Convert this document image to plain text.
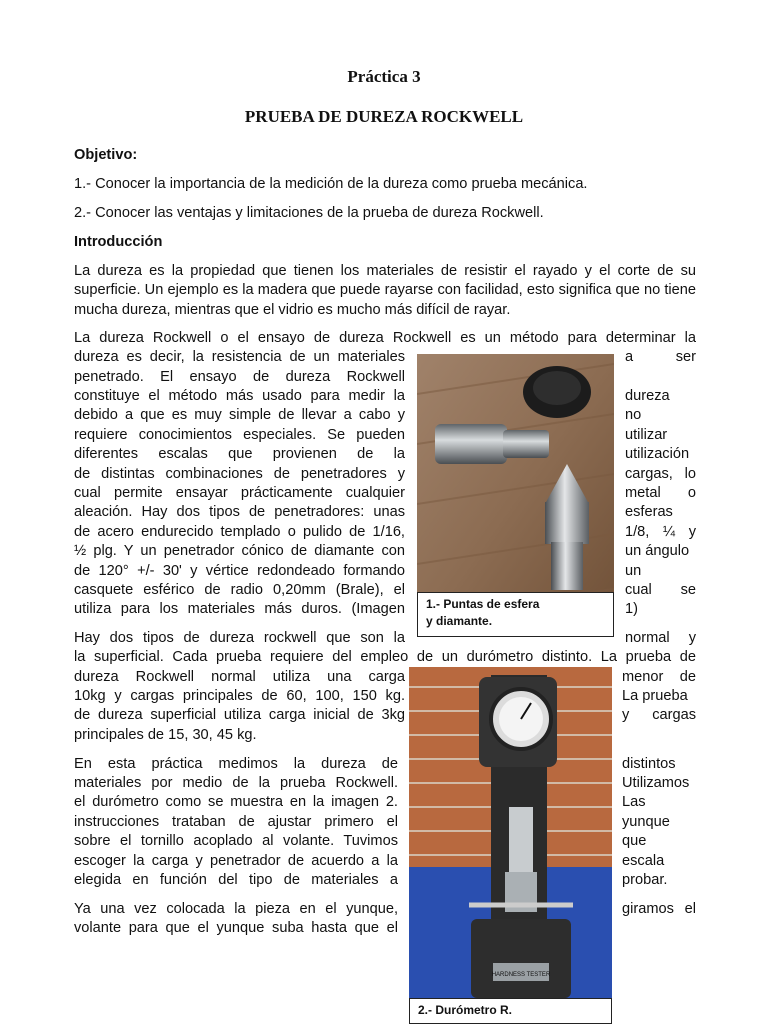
Práctica 3
PRUEBA DE DUREZA ROCKWELL
Objetivo:
1.- Conocer la importancia de la medición de la dureza como prueba mecánica.
2.- Conocer las ventajas y limitaciones de la prueba de dureza Rockwell.
Introducción

La dureza es la propiedad que tienen los materiales de resistir el rayado y el corte de su superficie. Un ejemplo es la madera que puede rayarse con facilidad, esto significa que no tiene mucha dureza, mientras que el vidrio es mucho más difícil de rayar.

La dureza Rockwell o el ensayo de dureza Rockwell es un método para determinar la
dureza es decir, la resistencia de un materiales
penetrado. El ensayo de dureza Rockwell
constituye el método más usado para medir la
debido a que es muy simple de llevar a cabo y
requiere conocimientos especiales. Se pueden
diferentes escalas que provienen de la
de distintas combinaciones de penetradores y
cual permite ensayar prácticamente cualquier
aleación. Hay dos tipos de penetradores: unas
de acero endurecido templado o pulido de 1/16,
½ plg. Y un penetrador cónico de diamante con
de 120° +/- 30' y vértice redondeado formando
casquete esférico de radio 0,20mm (Brale), el
utiliza para los materiales más duros. (Imagen
a ser
dureza
no
utilizar
utilización
cargas, lo
metal o
esferas
1/8, ¼ y
un ángulo
un
cual se
1)
Hay dos tipos de dureza rockwell que son la	normal y
la superficial. Cada prueba requiere del empleo de un durómetro distinto. La prueba de
dureza Rockwell normal utiliza una carga
10kg y cargas principales de 60, 100, 150 kg.
de dureza superficial utiliza carga inicial de 3kg
principales de 15, 30, 45 kg.
menor de
La prueba
y cargas
En esta práctica medimos la dureza de
materiales por medio de la prueba Rockwell.
el durómetro como se muestra en la imagen 2.
instrucciones trataban de ajustar primero el
sobre el tornillo acoplado al volante. Tuvimos
escoger la carga y penetrador de acuerdo a la
elegida en función del tipo de materiales a
distintos
Utilizamos
Las
yunque
que
escala
probar.
Ya una vez colocada la pieza en el yunque,
volante para que el yunque suba hasta que el
giramos el
1.- Puntas de esfera
y diamante.
HARDNESS TESTER
2.- Durómetro R.
